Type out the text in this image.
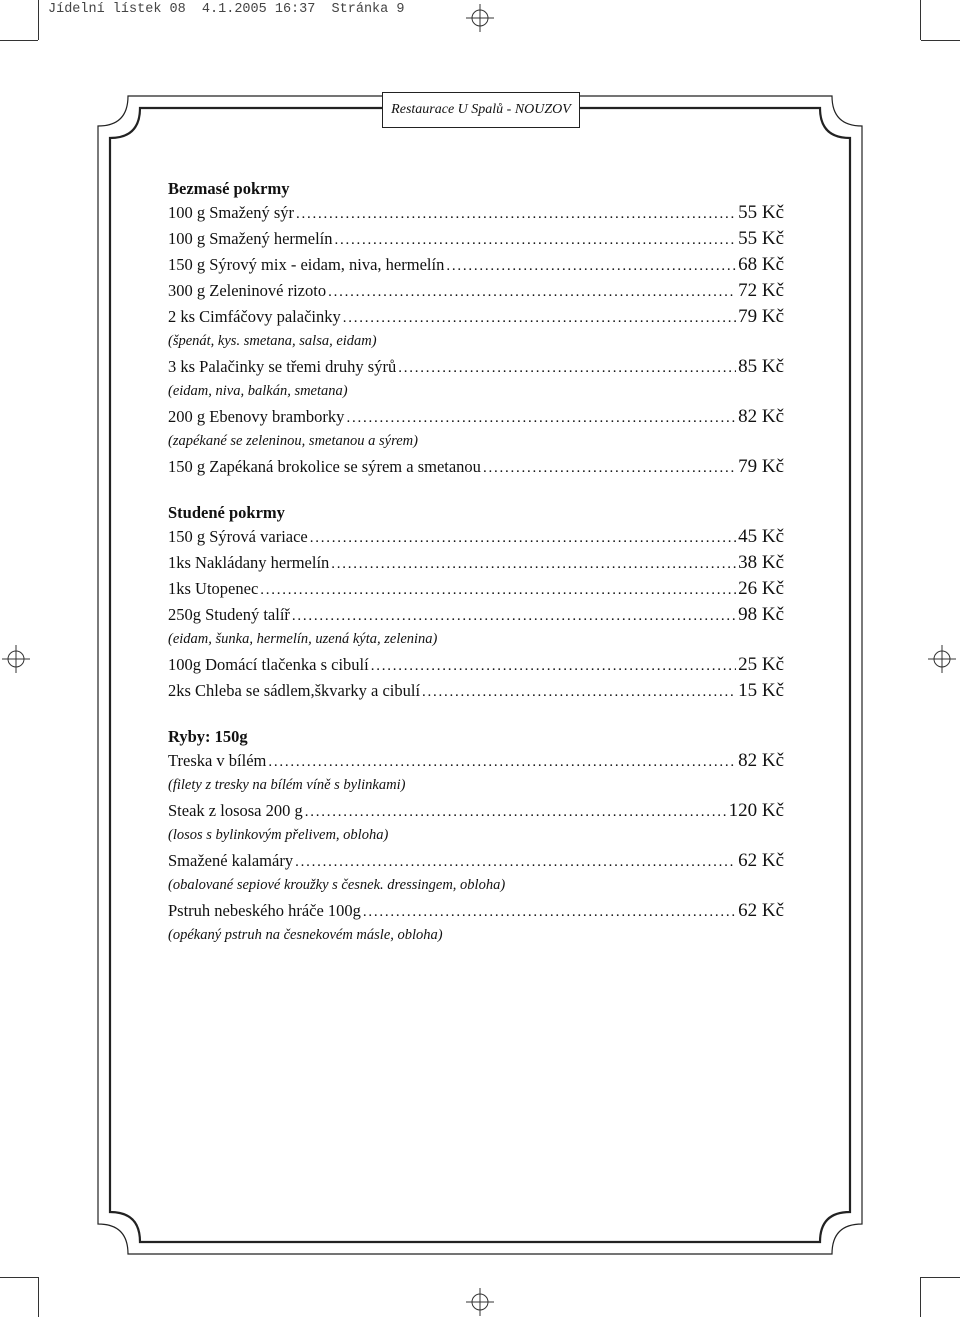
Jídelní lístek 08  4.1.2005 16:37  Stránka 9
Restaurace U Spalů - NOUZOV
Bezmasé pokrmy
100 g Smažený sýr . . .	55 Kč
100 g Smažený hermelín . . .	55 Kč
150 g Sýrový mix - eidam, niva, hermelín . . .	68 Kč
300 g Zeleninové rizoto . . .	72 Kč
2 ks Cimfáčovy palačinky . . .	79 Kč
(špenát, kys. smetana, salsa, eidam)
3 ks Palačinky se třemi druhy sýrů . . .	85 Kč
(eidam, niva, balkán, smetana)
200 g Ebenovy bramborky . . .	82 Kč
(zapékané se zeleninou, smetanou a sýrem)
150 g Zapékaná brokolice se sýrem a smetanou . . .	79 Kč
Studené pokrmy
150 g Sýrová variace . . .	45 Kč
1ks Nakládany hermelín . . .	38 Kč
1ks Utopenec . . .	26 Kč
250g Studený talíř . . .	98 Kč
(eidam, šunka, hermelín, uzená kýta, zelenina)
100g Domácí tlačenka s cibulí . . .	25 Kč
2ks Chleba se sádlem,škvarky a cibulí . . .	15 Kč
Ryby: 150g
Treska v bílém . . .	82 Kč
(filety z tresky na bílém víně s bylinkami)
Steak z lososa 200 g . . .	120 Kč
(losos s bylinkovým přelivem, obloha)
Smažené kalamáry . . .	62 Kč
(obalované sepiové kroužky s česnek. dressingem, obloha)
Pstruh nebeského hráče 100g . . .	62 Kč
(opékaný pstruh na česnekovém másle, obloha)
